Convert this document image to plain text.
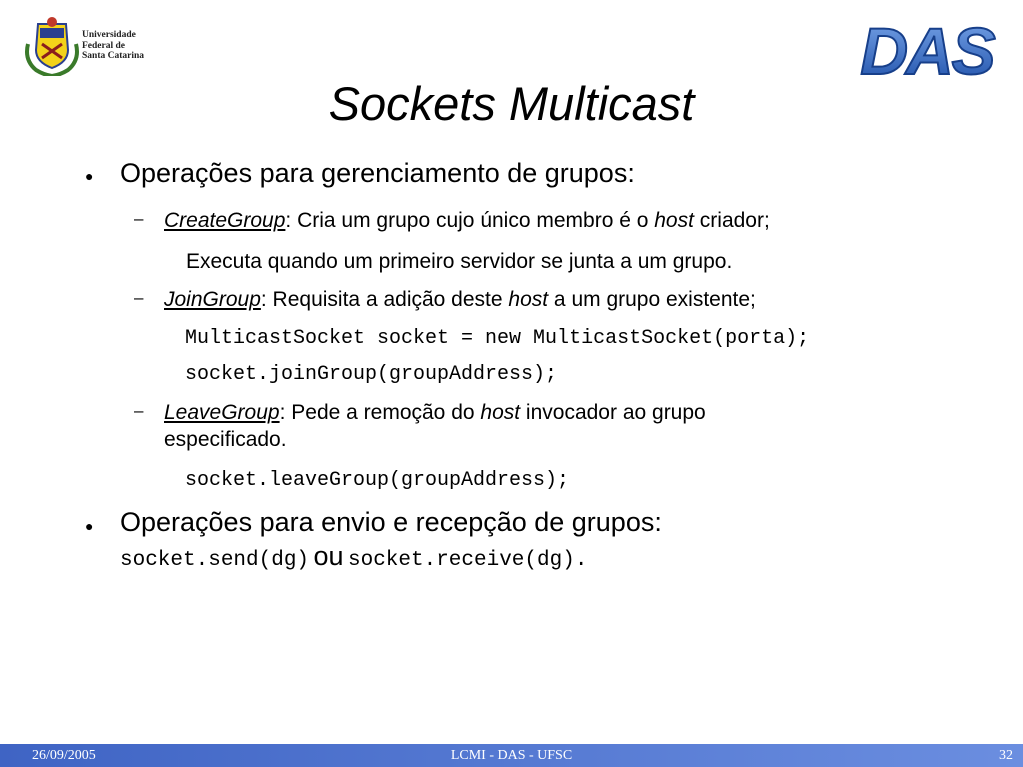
Universidade
Federal de
Santa Catarina	DAS
Sockets Multicast
● Operações para gerenciamento de grupos:
– CreateGroup: Cria um grupo cujo único membro é o host criador;
Executa quando um primeiro servidor se junta a um grupo.
– JoinGroup: Requisita a adição deste host a um grupo existente;
MulticastSocket socket = new MulticastSocket(porta);
socket.joinGroup(groupAddress);
– LeaveGroup: Pede a remoção do host invocador ao grupo
especificado.
socket.leaveGroup(groupAddress);
● Operações para envio e recepção de grupos:
socket.send(dg) ou socket.receive(dg).
26/09/2005	LCMI - DAS - UFSC	32
